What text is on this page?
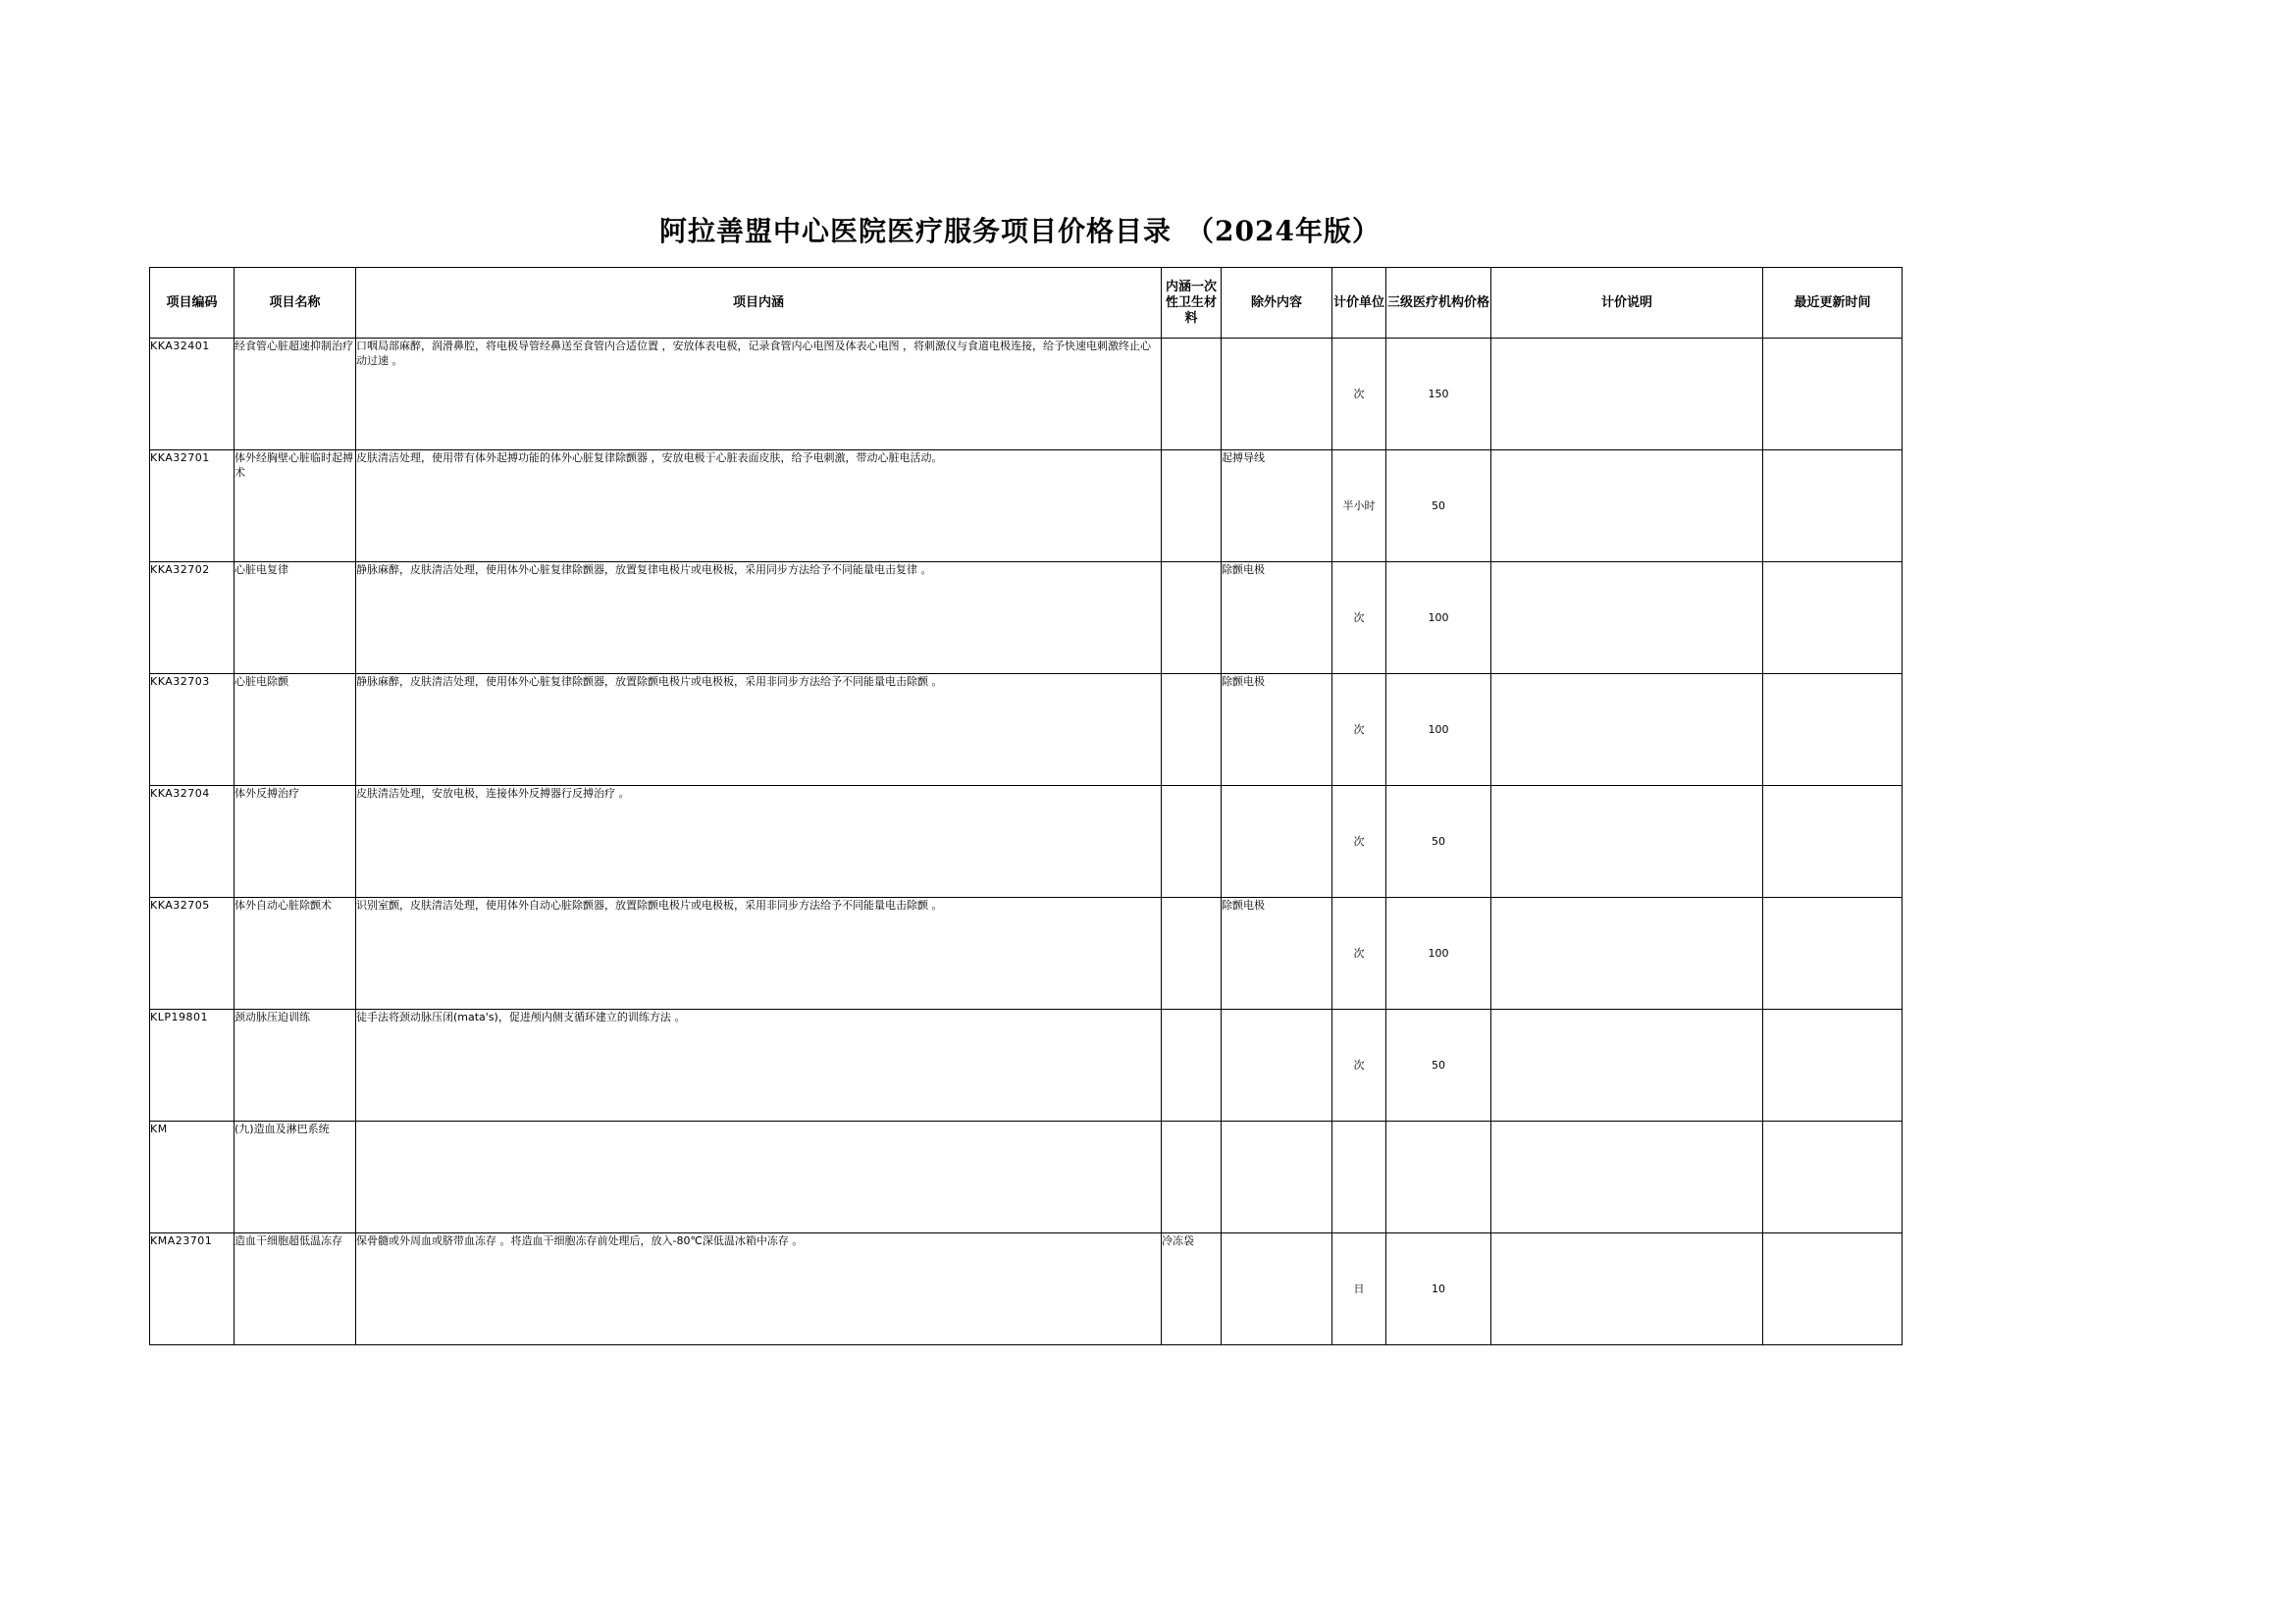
阿拉善盟中心医院医疗服务项目价格目录　（2024年版）
项目编码	项目名称	项目内涵	内涵一次性卫生材料	除外内容	计价单位	三级医疗机构价格	计价说明	最近更新时间
KKA32401	经食管心脏超速抑制治疗	口咽局部麻醉，润滑鼻腔，将电极导管经鼻送至食管内合适位置 ，安放体表电极，记录食管内心电图及体表心电图 ，将刺激仪与食道电极连接，给予快速电刺激终止心动过速 。			次	150		
KKA32701	体外经胸壁心脏临时起搏术	皮肤清洁处理，使用带有体外起搏功能的体外心脏复律除颤器 ，安放电极于心脏表面皮肤，给予电刺激，带动心脏电活动。		起搏导线	半小时	50		
KKA32702	心脏电复律	静脉麻醉，皮肤清洁处理，使用体外心脏复律除颤器，放置复律电极片或电极板，采用同步方法给予不同能量电击复律 。		除颤电极	次	100		
KKA32703	心脏电除颤	静脉麻醉，皮肤清洁处理，使用体外心脏复律除颤器，放置除颤电极片或电极板，采用非同步方法给予不同能量电击除颤 。		除颤电极	次	100		
KKA32704	体外反搏治疗	皮肤清洁处理，安放电极，连接体外反搏器行反搏治疗 。			次	50		
KKA32705	体外自动心脏除颤术	识别室颤，皮肤清洁处理，使用体外自动心脏除颤器，放置除颤电极片或电极板，采用非同步方法给予不同能量电击除颤 。		除颤电极	次	100		
KLP19801	颈动脉压迫训练	徒手法将颈动脉压闭(mata's)，促进颅内侧支循环建立的训练方法 。			次	50		
KM	(九)造血及淋巴系统							
KMA23701	造血干细胞超低温冻存	保骨髓或外周血或脐带血冻存 。将造血干细胞冻存前处理后，放入-80℃深低温冰箱中冻存 。	冷冻袋		日	10		
